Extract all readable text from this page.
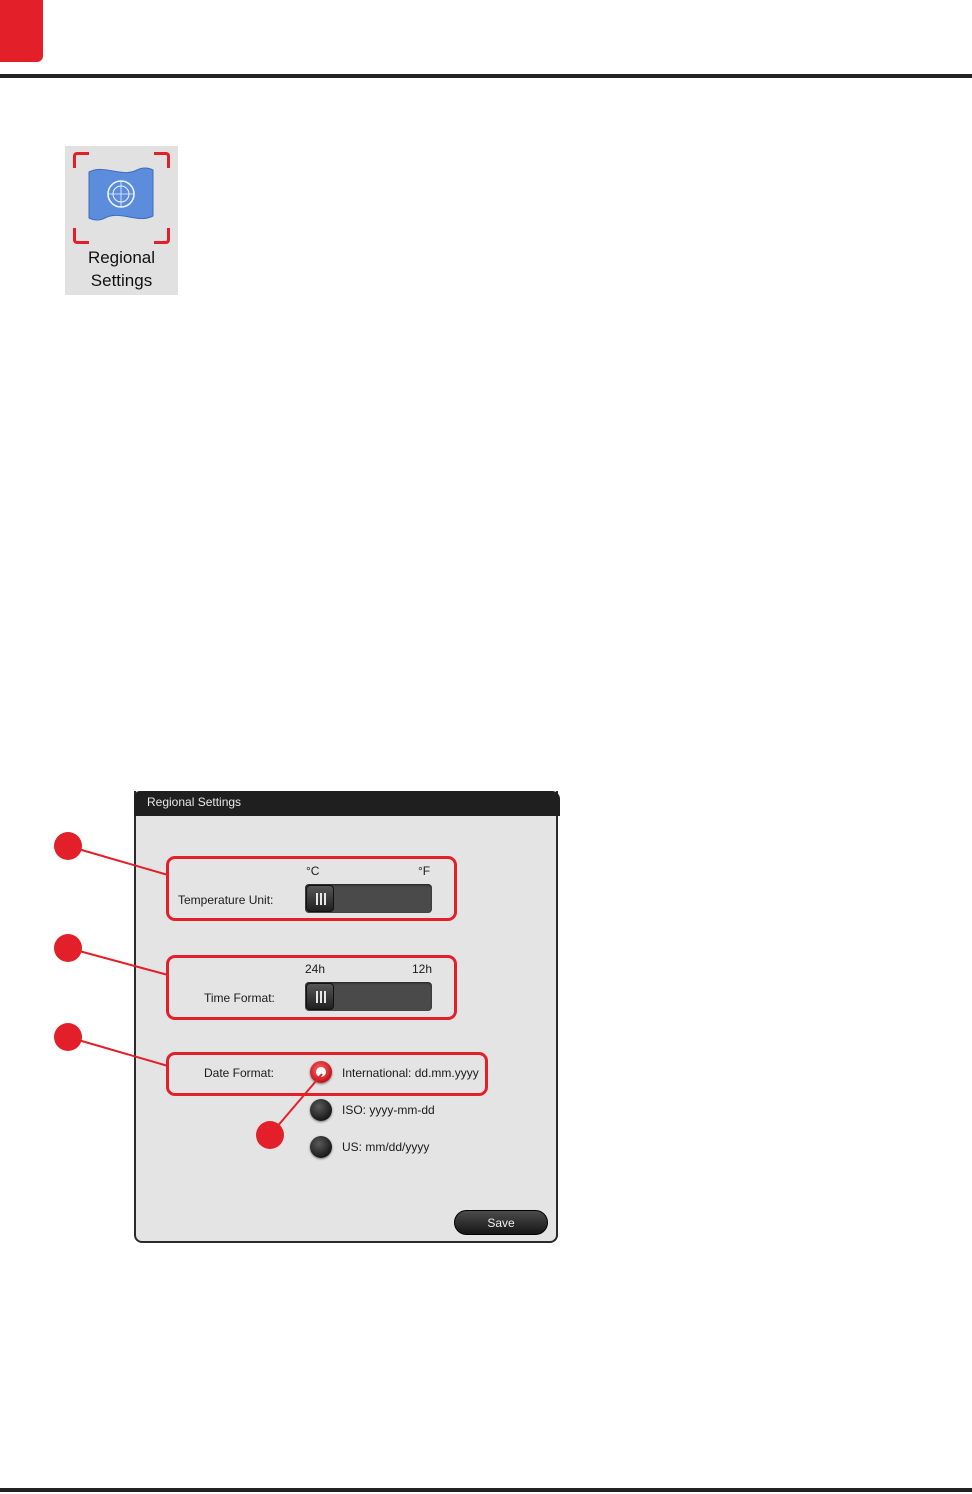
Regional
Settings
Regional Settings
°C	°F
Temperature Unit:
24h	12h
Time Format:
Date Format:	International: dd.mm.yyyy
ISO: yyyy-mm-dd
US: mm/dd/yyyy
Save
